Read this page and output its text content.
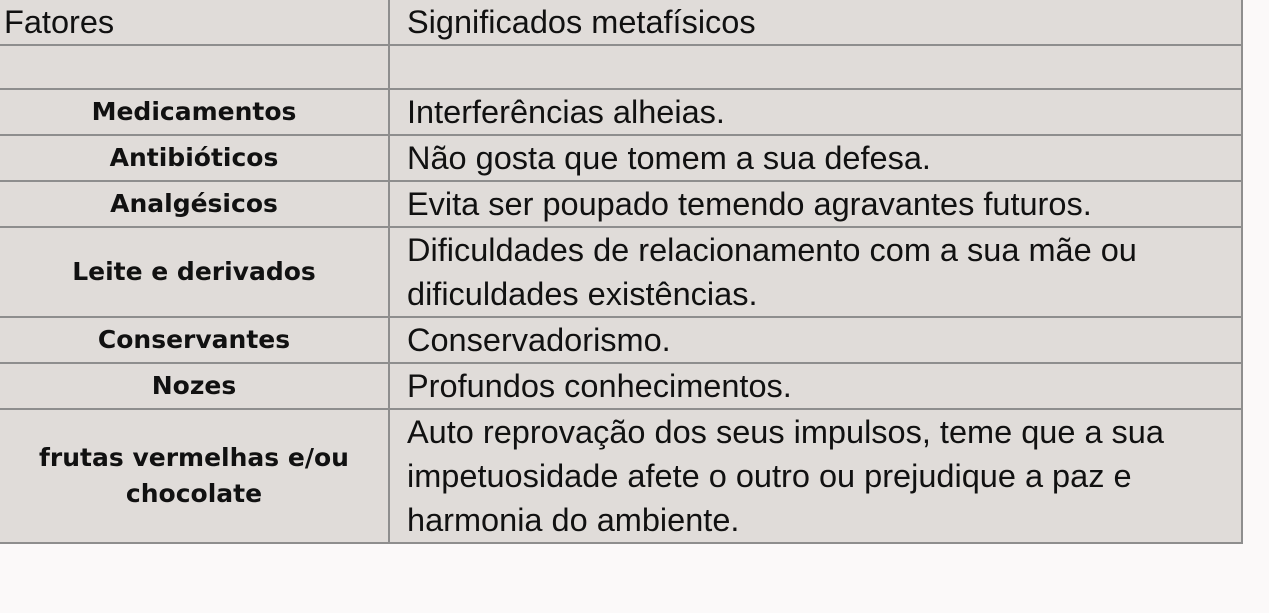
Fatores	Significados metafísicos

Medicamentos	Interferências alheias.
Antibióticos	Não gosta que tomem a sua defesa.
Analgésicos	Evita ser poupado temendo agravantes futuros.
Leite e derivados	Dificuldades de relacionamento com a sua mãe ou dificuldades existências.
Conservantes	Conservadorismo.
Nozes	Profundos conhecimentos.
frutas vermelhas e/ou chocolate	Auto reprovação dos seus impulsos, teme que a sua impetuosidade afete o outro ou prejudique a paz e harmonia do ambiente.
